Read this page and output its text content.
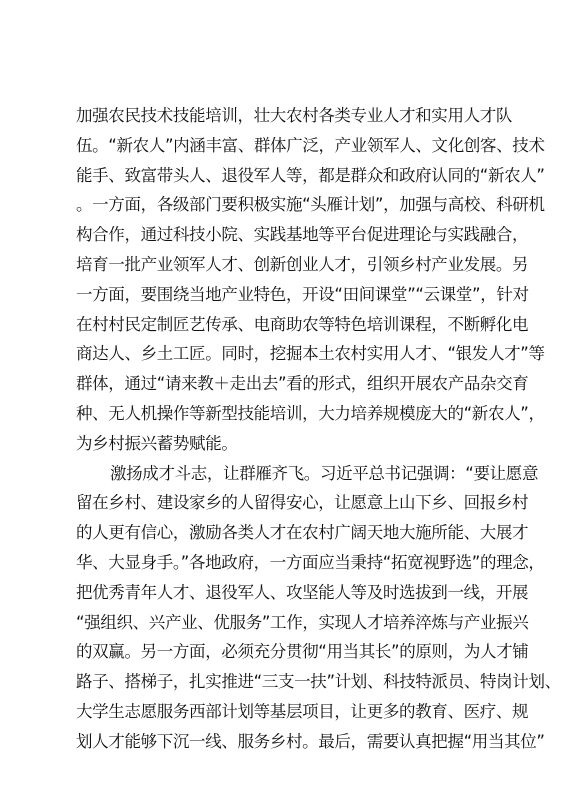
加强农民技术技能培训，壮大农村各类专业人才和实用人才队
伍。“新农人”内涵丰富、群体广泛，产业领军人、文化创客、技术
能手、致富带头人、退役军人等，都是群众和政府认同的“新农人”
。一方面，各级部门要积极实施“头雁计划”，加强与高校、科研机
构合作，通过科技小院、实践基地等平台促进理论与实践融合，
培育一批产业领军人才、创新创业人才，引领乡村产业发展。另
一方面，要围绕当地产业特色，开设“田间课堂”“云课堂”，针对
在村村民定制匠艺传承、电商助农等特色培训课程，不断孵化电
商达人、乡土工匠。同时，挖掘本土农村实用人才、“银发人才”等
群体，通过“请来教＋走出去”看的形式，组织开展农产品杂交育
种、无人机操作等新型技能培训，大力培养规模庞大的“新农人”，
为乡村振兴蓄势赋能。
激扬成才斗志，让群雁齐飞。习近平总书记强调：“要让愿意
留在乡村、建设家乡的人留得安心，让愿意上山下乡、回报乡村
的人更有信心，激励各类人才在农村广阔天地大施所能、大展才
华、大显身手。”各地政府，一方面应当秉持“拓宽视野选”的理念，
把优秀青年人才、退役军人、攻坚能人等及时选拔到一线，开展
“强组织、兴产业、优服务”工作，实现人才培养淬炼与产业振兴
的双赢。另一方面，必须充分贯彻“用当其长”的原则，为人才铺
路子、搭梯子，扎实推进“三支一扶”计划、科技特派员、特岗计划、
大学生志愿服务西部计划等基层项目，让更多的教育、医疗、规
划人才能够下沉一线、服务乡村。最后，需要认真把握“用当其位”
